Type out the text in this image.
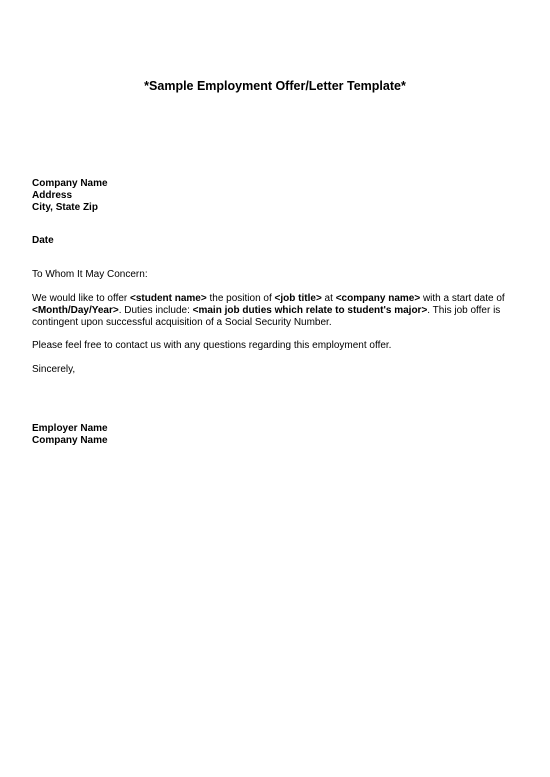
*Sample Employment Offer/Letter Template*
Company Name
Address
City, State Zip
Date
To Whom It May Concern:

We would like to offer <student name> the position of <job title> at <company name> with a start date of <Month/Day/Year>. Duties include: <main job duties which relate to student's major>. This job offer is contingent upon successful acquisition of a Social Security Number.

Please feel free to contact us with any questions regarding this employment offer.

Sincerely,
Employer Name
Company Name
